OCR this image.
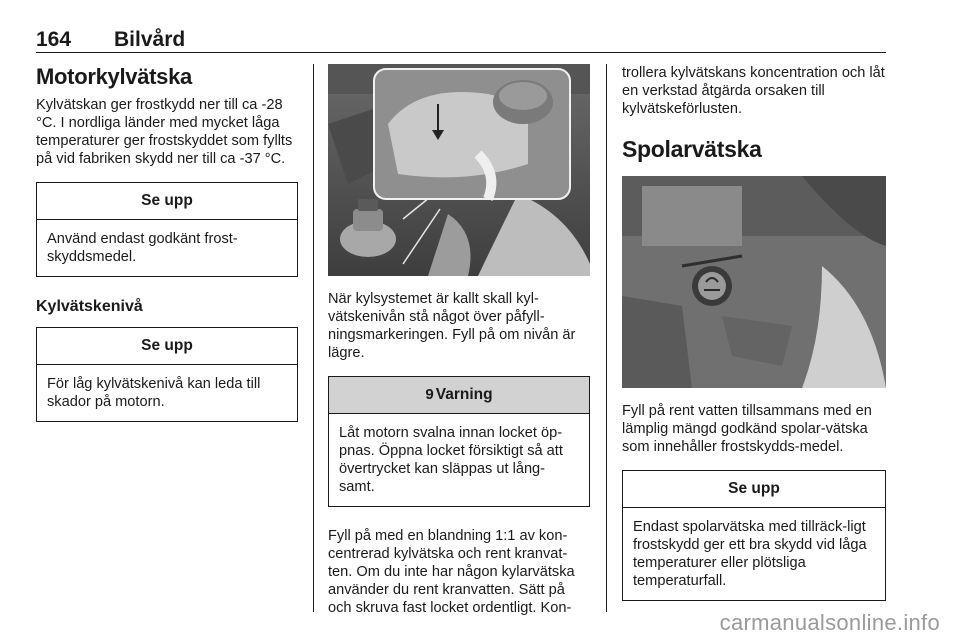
164 Bilvård
Motorkylvätska

Kylvätskan ger frostkydd ner till ca -28 °C. I nordliga länder med mycket låga temperaturer ger frostskyddet som fyllts på vid fabriken skydd ner till ca -37 °C.

Se upp
Använd endast godkänt frost-skyddsmedel.
Kylvätskenivå
Se upp
För låg kylvätskenivå kan leda till skador på motorn.

När kylsystemet är kallt skall kyl-vätskenivån stå något över påfyll-ningsmarkeringen. Fyll på om nivån är lägre.

9 Varning
Låt motorn svalna innan locket öp-pnas. Öppna locket försiktigt så att övertrycket kan släppas ut lång-samt.

Fyll på med en blandning 1:1 av kon-centrerad kylvätska och rent kranvat-ten. Om du inte har någon kylarvätska använder du rent kranvatten. Sätt på och skruva fast locket ordentligt. Kon-

trollera kylvätskans koncentration och låt en verkstad åtgärda orsaken till kylvätskeförlusten.

Spolarvätska

Fyll på rent vatten tillsammans med en lämplig mängd godkänd spolar-vätska som innehåller frostskydds-medel.

Se upp
Endast spolarvätska med tillräck-ligt frostskydd ger ett bra skydd vid låga temperaturer eller plötsliga temperaturfall.
carmanualsonline.info
